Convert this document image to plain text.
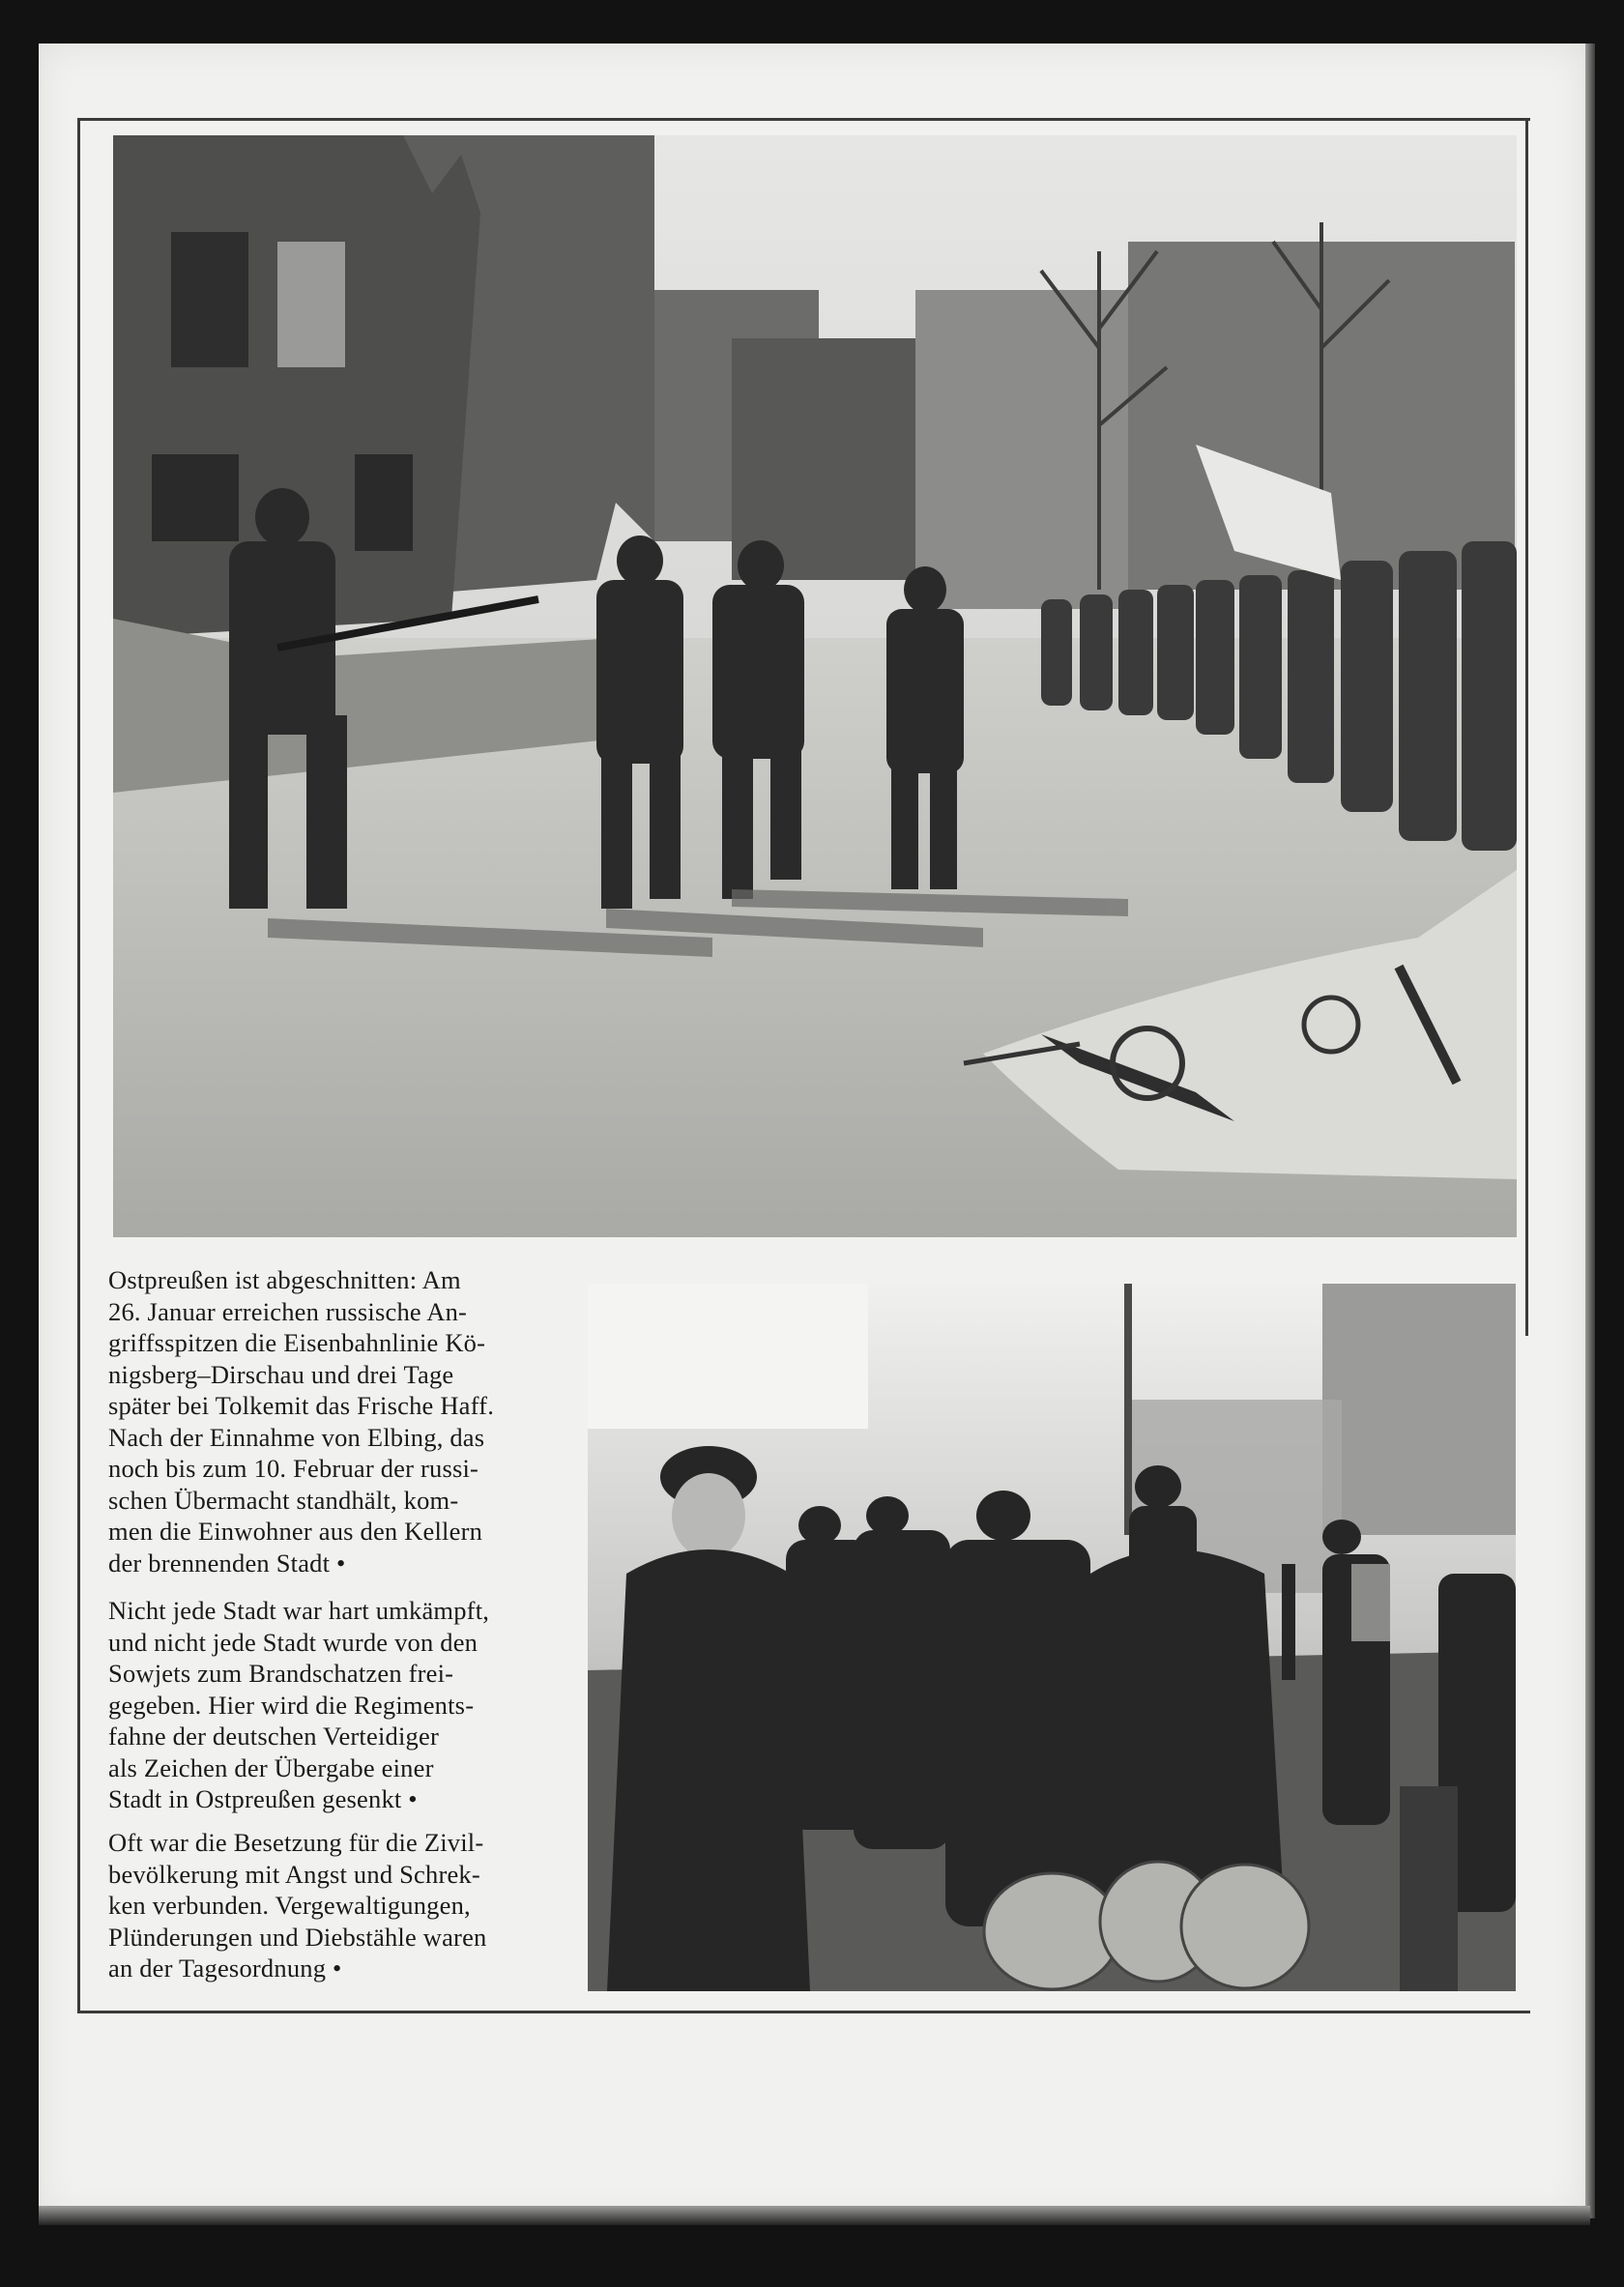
Ostpreußen ist abgeschnitten: Am
26. Januar erreichen russische An-
griffsspitzen die Eisenbahnlinie Kö-
nigsberg–Dirschau und drei Tage
später bei Tolkemit das Frische Haff.
Nach der Einnahme von Elbing, das
noch bis zum 10. Februar der russi-
schen Übermacht standhält, kom-
men die Einwohner aus den Kellern
der brennenden Stadt •
Nicht jede Stadt war hart umkämpft,
und nicht jede Stadt wurde von den
Sowjets zum Brandschatzen frei-
gegeben. Hier wird die Regiments-
fahne der deutschen Verteidiger
als Zeichen der Übergabe einer
Stadt in Ostpreußen gesenkt •
Oft war die Besetzung für die Zivil-
bevölkerung mit Angst und Schrek-
ken verbunden. Vergewaltigungen,
Plünderungen und Diebstähle waren
an der Tagesordnung •
